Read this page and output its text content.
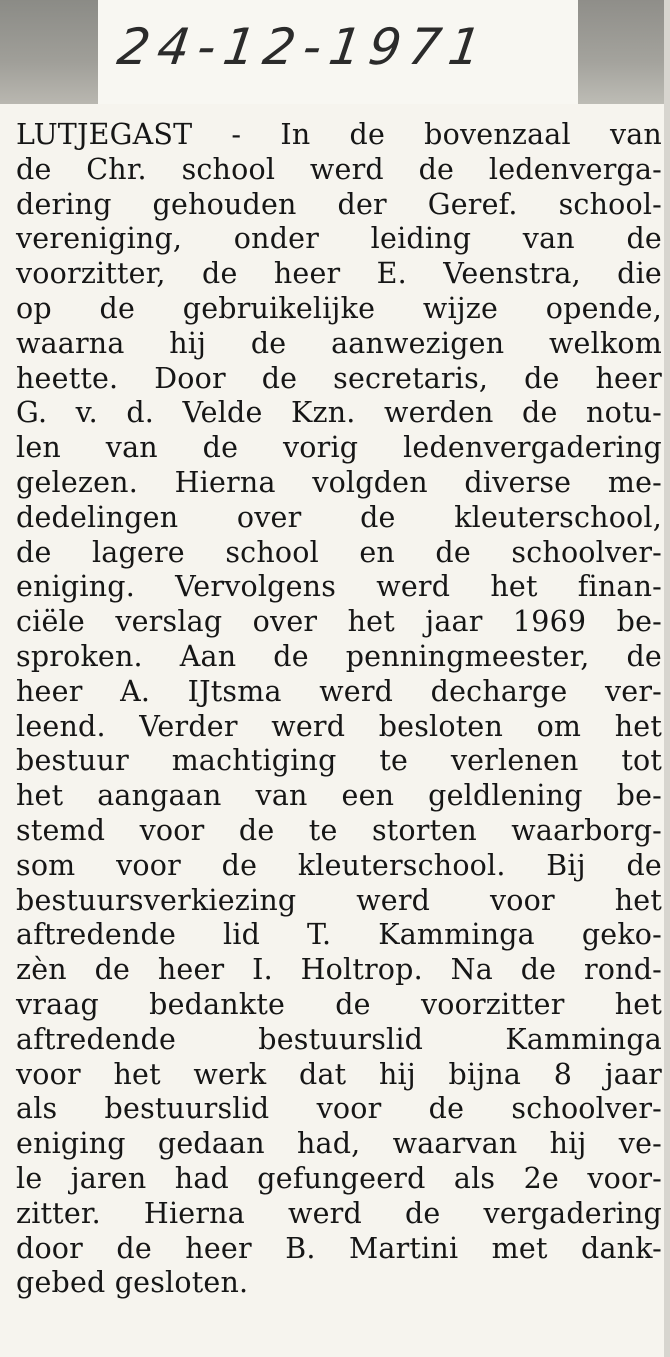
24-12-1971
LUTJEGAST - In de bovenzaal van
de Chr. school werd de ledenverga-
dering gehouden der Geref. school-
vereniging, onder leiding van de
voorzitter, de heer E. Veenstra, die
op de gebruikelijke wijze opende,
waarna hij de aanwezigen welkom
heette. Door de secretaris, de heer
G. v. d. Velde Kzn. werden de notu-
len van de vorig ledenvergadering
gelezen. Hierna volgden diverse me-
dedelingen over de kleuterschool,
de lagere school en de schoolver-
eniging. Vervolgens werd het finan-
ciële verslag over het jaar 1969 be-
sproken. Aan de penningmeester, de
heer A. IJtsma werd decharge ver-
leend. Verder werd besloten om het
bestuur machtiging te verlenen tot
het aangaan van een geldlening be-
stemd voor de te storten waarborg-
som voor de kleuterschool. Bij de
bestuursverkiezing werd voor het
aftredende lid T. Kamminga geko-
zèn de heer I. Holtrop. Na de rond-
vraag bedankte de voorzitter het
aftredende bestuurslid Kamminga
voor het werk dat hij bijna 8 jaar
als bestuurslid voor de schoolver-
eniging gedaan had, waarvan hij ve-
le jaren had gefungeerd als 2e voor-
zitter. Hierna werd de vergadering
door de heer B. Martini met dank-
gebed gesloten.
